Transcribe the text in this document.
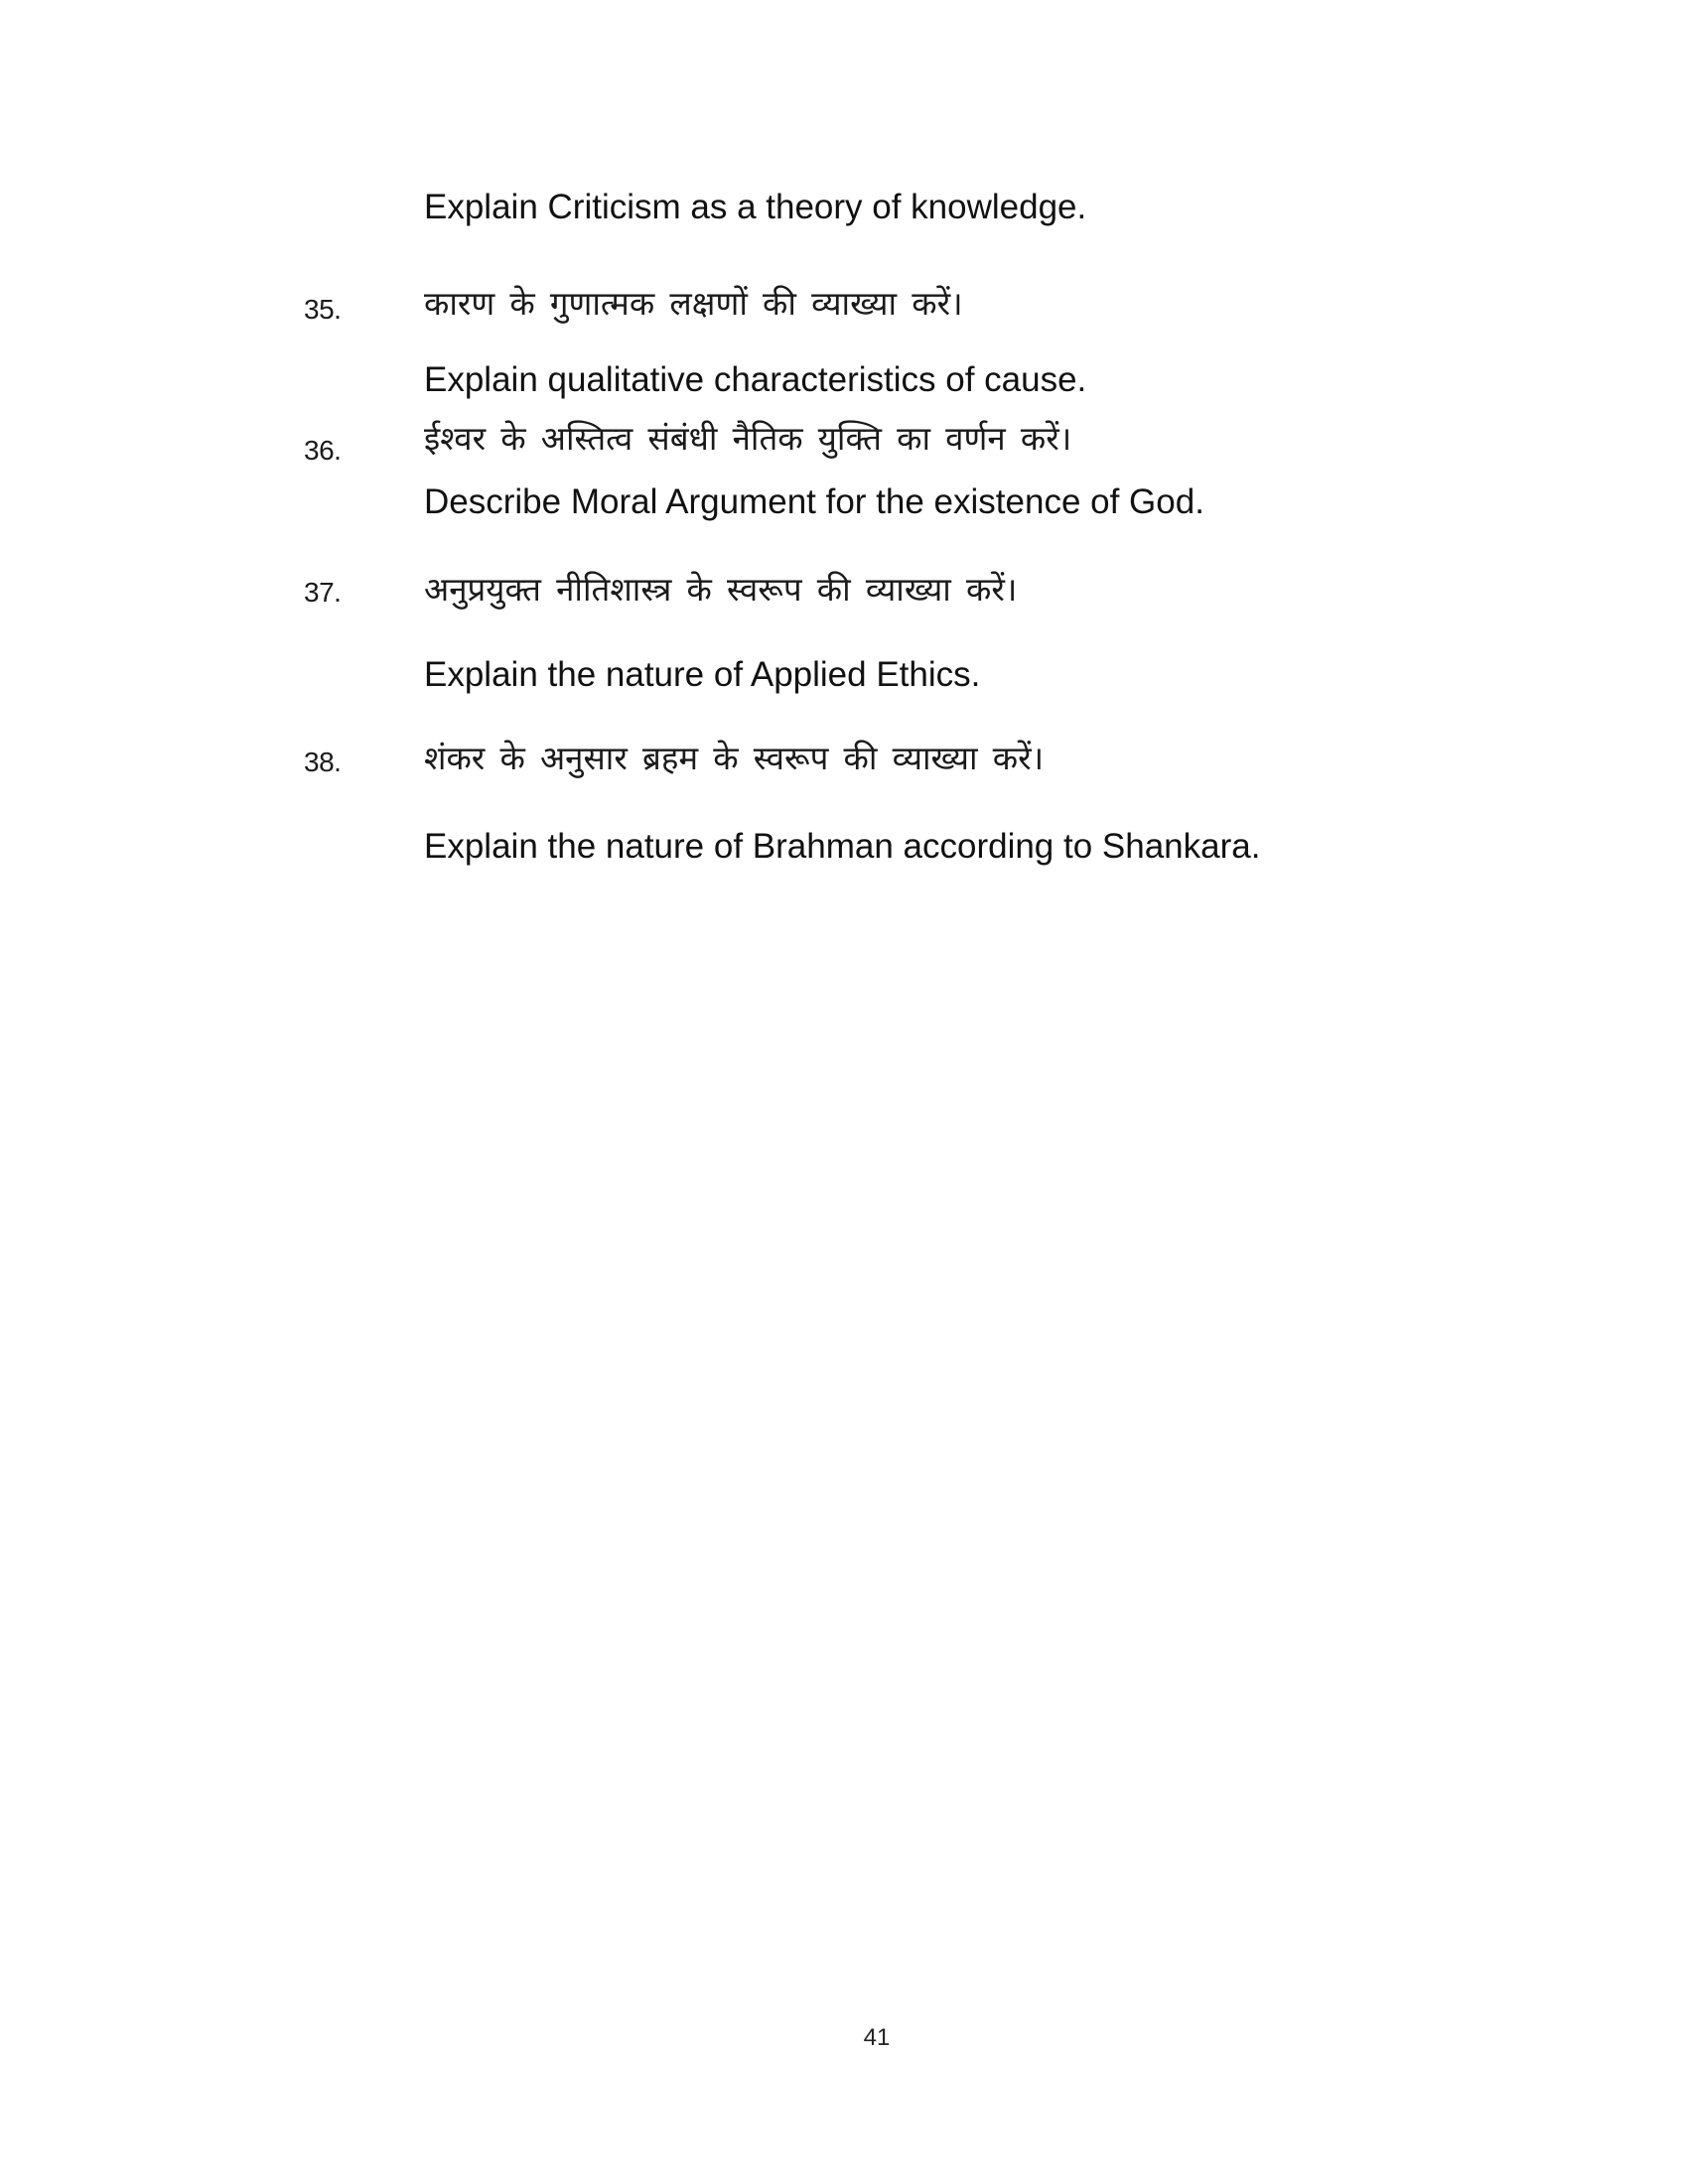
Explain Criticism as a theory of knowledge.
35.	कारण के गुणात्मक लक्षणों की व्याख्या करें।
Explain qualitative characteristics of cause.
36.	ईश्वर के अस्तित्व संबंधी नैतिक युक्ति का वर्णन करें।
Describe Moral Argument for the existence of God.
37.	अनुप्रयुक्त नीतिशास्त्र के स्वरूप की व्याख्या करें।
Explain the nature of Applied Ethics.
38.	शंकर के अनुसार ब्रहम के स्वरूप की व्याख्या करें।
Explain the nature of Brahman according to Shankara.
41
